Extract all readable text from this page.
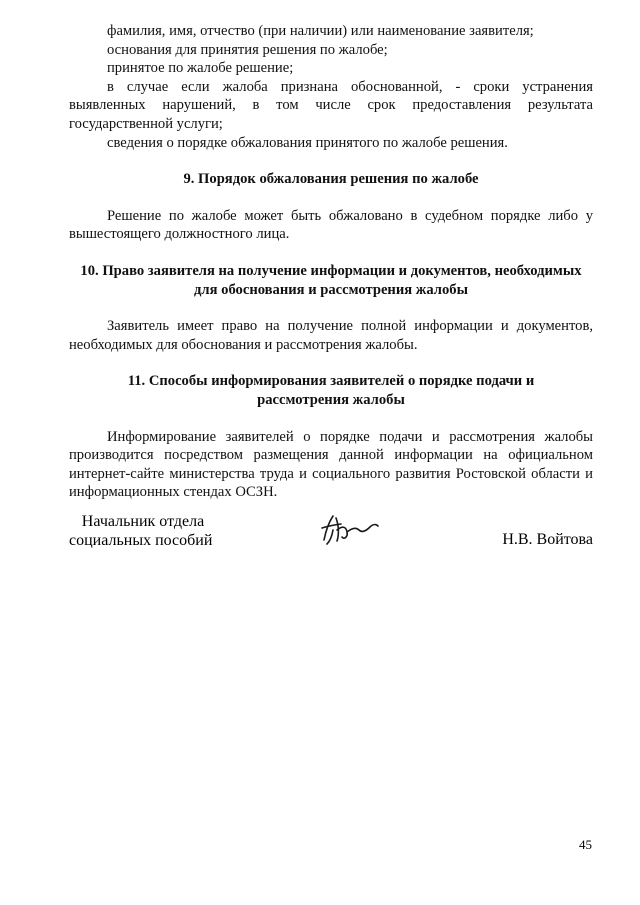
фамилия, имя, отчество (при наличии) или наименование заявителя;

основания для принятия решения по жалобе;

принятое по жалобе решение;

в случае если жалоба признана обоснованной, - сроки устранения выявленных нарушений, в том числе срок предоставления результата государственной услуги;

сведения о порядке обжалования принятого по жалобе решения.

9. Порядок обжалования решения по жалобе

Решение по жалобе может быть обжаловано в судебном порядке либо у вышестоящего должностного лица.

10. Право заявителя на получение информации и документов, необходимых
для обоснования и рассмотрения жалобы

Заявитель имеет право на получение полной информации и документов, необходимых для обоснования и рассмотрения жалобы.

11. Способы информирования заявителей о порядке подачи и
рассмотрения жалобы

Информирование заявителей о порядке подачи и рассмотрения жалобы производится посредством размещения данной информации на официальном интернет-сайте министерства труда и социального развития Ростовской области и информационных стендах ОСЗН.

Начальник отдела
социальных пособий	Н.В. Войтова
45
